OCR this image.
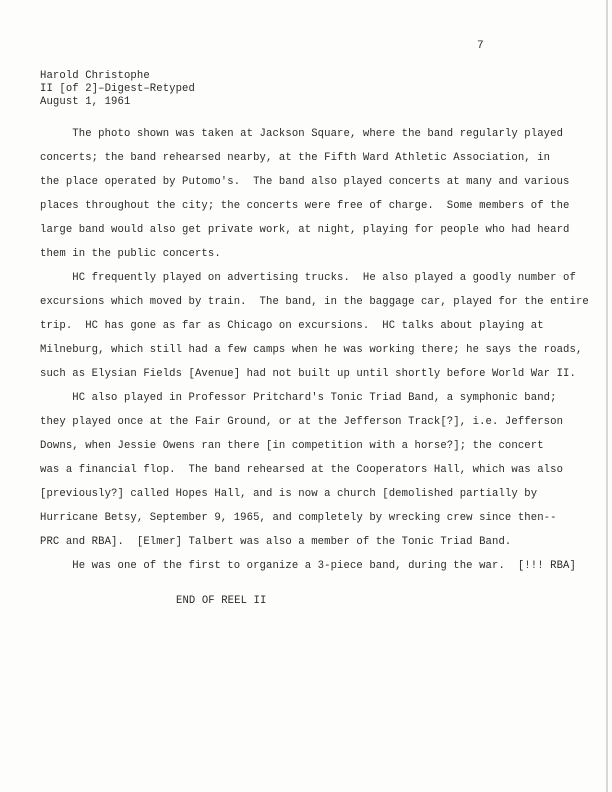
7
Harold Christophe
II [of 2]–Digest–Retyped
August 1, 1961
The photo shown was taken at Jackson Square, where the band regularly played
concerts; the band rehearsed nearby, at the Fifth Ward Athletic Association, in
the place operated by Putomo's.  The band also played concerts at many and various
places throughout the city; the concerts were free of charge.  Some members of the
large band would also get private work, at night, playing for people who had heard
them in the public concerts.
HC frequently played on advertising trucks.  He also played a goodly number of
excursions which moved by train.  The band, in the baggage car, played for the entire
trip.  HC has gone as far as Chicago on excursions.  HC talks about playing at
Milneburg, which still had a few camps when he was working there; he says the roads,
such as Elysian Fields [Avenue] had not built up until shortly before World War II.
HC also played in Professor Pritchard's Tonic Triad Band, a symphonic band;
they played once at the Fair Ground, or at the Jefferson Track[?], i.e. Jefferson
Downs, when Jessie Owens ran there [in competition with a horse?]; the concert
was a financial flop.  The band rehearsed at the Cooperators Hall, which was also
[previously?] called Hopes Hall, and is now a church [demolished partially by
Hurricane Betsy, September 9, 1965, and completely by wrecking crew since then--
PRC and RBA].  [Elmer] Talbert was also a member of the Tonic Triad Band.
He was one of the first to organize a 3-piece band, during the war.  [!!! RBA]
END OF REEL II
